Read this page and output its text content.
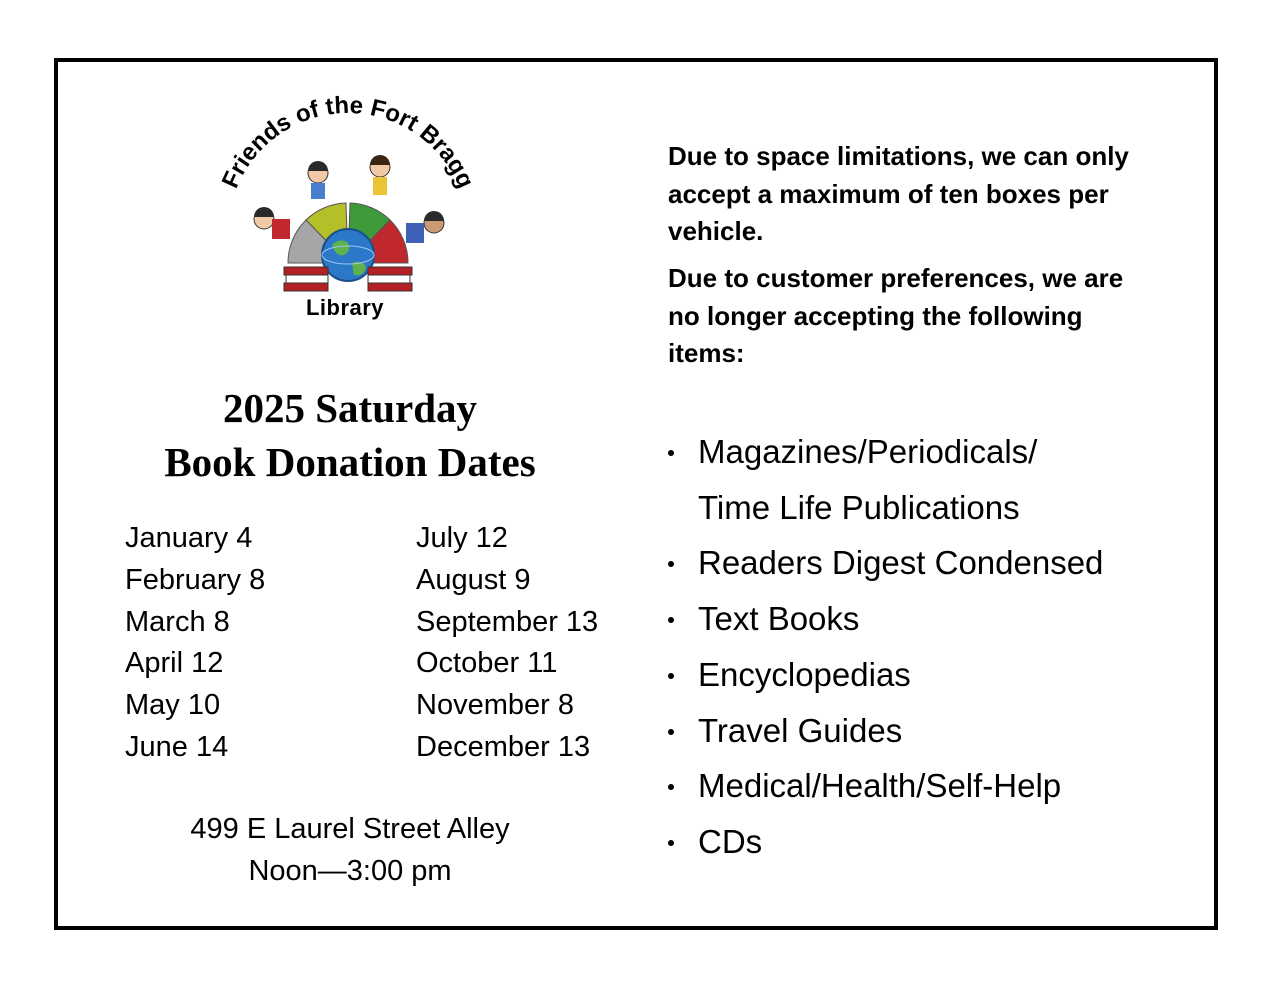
Friends of the Fort Bragg
Library
2025 Saturday
Book Donation Dates
January 4
February 8
March 8
April 12
May 10
June 14
July 12
August 9
September 13
October 11
November 8
December 13
499 E Laurel Street Alley
Noon—3:00 pm
Due to space limitations, we can only
accept a maximum of ten boxes per
vehicle.
Due to customer preferences, we are
no longer accepting the following
items:
Magazines/Periodicals/
Time Life Publications
Readers Digest Condensed
Text Books
Encyclopedias
Travel Guides
Medical/Health/Self-Help
CDs
